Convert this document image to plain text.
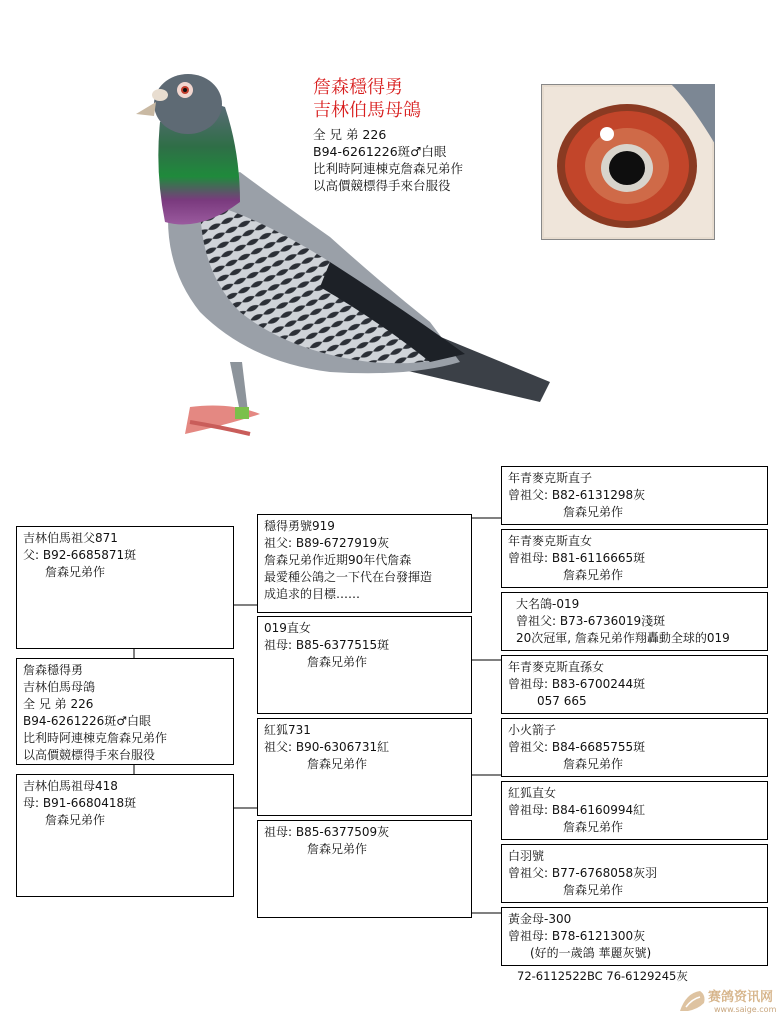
詹森穩得勇
吉林伯馬母鴿
全 兄 弟 226
B94-6261226斑♂白眼
比利時阿連棟克詹森兄弟作
以高價競標得手來台服役
吉林伯馬祖父871
父: B92-6685871斑
詹森兄弟作
詹森穩得勇
吉林伯馬母鴿
全 兄 弟 226
B94-6261226斑♂白眼
比利時阿連棟克詹森兄弟作
以高價競標得手來台服役
吉林伯馬祖母418
母: B91-6680418斑
詹森兄弟作
穩得勇號919
祖父: B89-6727919灰
詹森兄弟作近期90年代詹森
最愛種公鴿之一下代在台發揮造
成追求的目標……
019直女
祖母: B85-6377515斑
詹森兄弟作
紅狐731
祖父: B90-6306731紅
詹森兄弟作
祖母: B85-6377509灰
詹森兄弟作
年青麥克斯直子
曾祖父: B82-6131298灰
詹森兄弟作
年青麥克斯直女
曾祖母: B81-6116665斑
詹森兄弟作
大名鴿-019
曾祖父: B73-6736019淺斑
20次冠軍, 詹森兄弟作翔轟動全球的019
年青麥克斯直孫女
曾祖母: B83-6700244斑
057 665
小火箭子
曾祖父: B84-6685755斑
詹森兄弟作
紅狐直女
曾祖母: B84-6160994紅
詹森兄弟作
白羽號
曾祖父: B77-6768058灰羽
詹森兄弟作
黃金母-300
曾祖母: B78-6121300灰
(好的一歲鴿 華麗灰號)
72-6112522BC 76-6129245灰
赛鸽资讯网
www.saige.com
